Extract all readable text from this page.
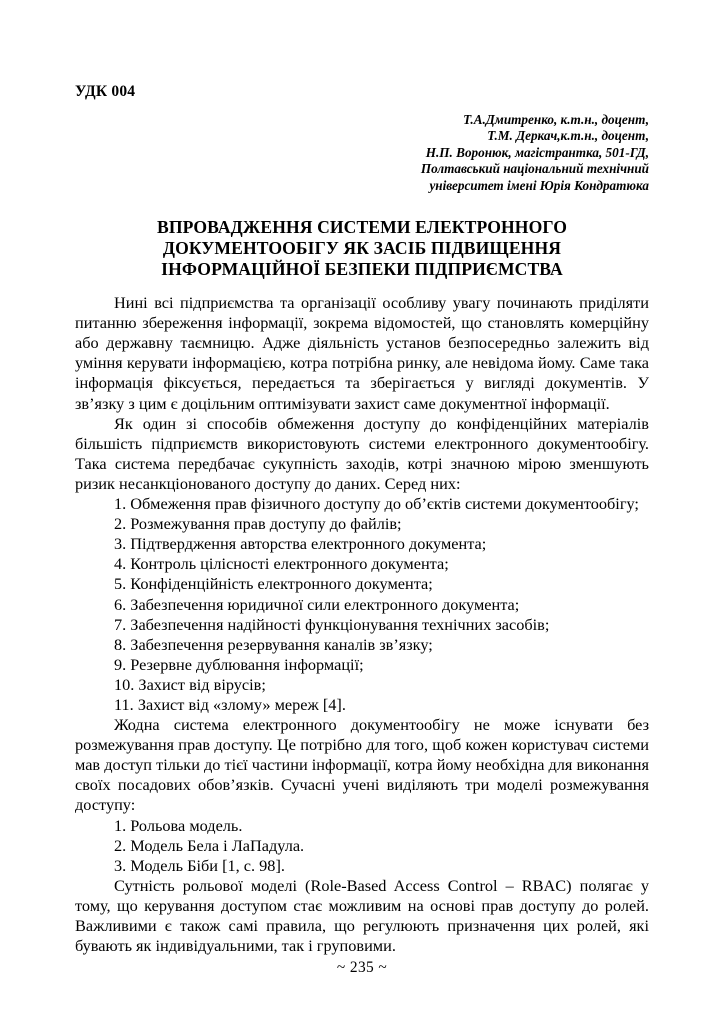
УДК 004
Т.А.Дмитренко, к.т.н., доцент,
Т.М. Деркач,к.т.н., доцент,
Н.П. Воронюк, магістрантка, 501-ГД,
Полтавський національний технічний
університет імені Юрія Кондратюка
ВПРОВАДЖЕННЯ СИСТЕМИ ЕЛЕКТРОННОГО
ДОКУМЕНТООБІГУ ЯК ЗАСІБ ПІДВИЩЕННЯ
ІНФОРМАЦІЙНОЇ БЕЗПЕКИ ПІДПРИЄМСТВА

Нині всі підприємства та організації особливу увагу починають приділяти питанню збереження інформації, зокрема відомостей, що становлять комерційну або державну таємницю. Адже діяльність установ безпосередньо залежить від уміння керувати інформацією, котра потрібна ринку, але невідома йому. Саме така інформація фіксується, передається та зберігається у вигляді документів. У зв’язку з цим є доцільним оптимізувати захист саме документної інформації.

Як один зі способів обмеження доступу до конфіденційних матеріалів більшість підприємств використовують системи електронного документообігу. Така система передбачає сукупність заходів, котрі значною мірою зменшують ризик несанкціонованого доступу до даних. Серед них:

1. Обмеження прав фізичного доступу до об’єктів системи документообігу;

2. Розмежування прав доступу до файлів;

3. Підтвердження авторства електронного документа;

4. Контроль цілісності електронного документа;

5. Конфіденційність електронного документа;

6. Забезпечення юридичної сили електронного документа;

7. Забезпечення надійності функціонування технічних засобів;

8. Забезпечення резервування каналів зв’язку;

9. Резервне дублювання інформації;

10. Захист від вірусів;

11. Захист від «злому» мереж [4].

Жодна система електронного документообігу не може існувати без розмежування прав доступу. Це потрібно для того, щоб кожен користувач системи мав доступ тільки до тієї частини інформації, котра йому необхідна для виконання своїх посадових обов’язків. Сучасні учені виділяють три моделі розмежування доступу:

1. Рольова модель.

2. Модель Бела і ЛаПадула.

3. Модель Біби [1, с. 98].

Сутність рольової моделі (Role-Based Access Control – RBAC) полягає у тому, що керування доступом стає можливим на основі прав доступу до ролей. Важливими є також самі правила, що регулюють призначення цих ролей, які бувають як індивідуальними, так і груповими.

~ 235 ~
